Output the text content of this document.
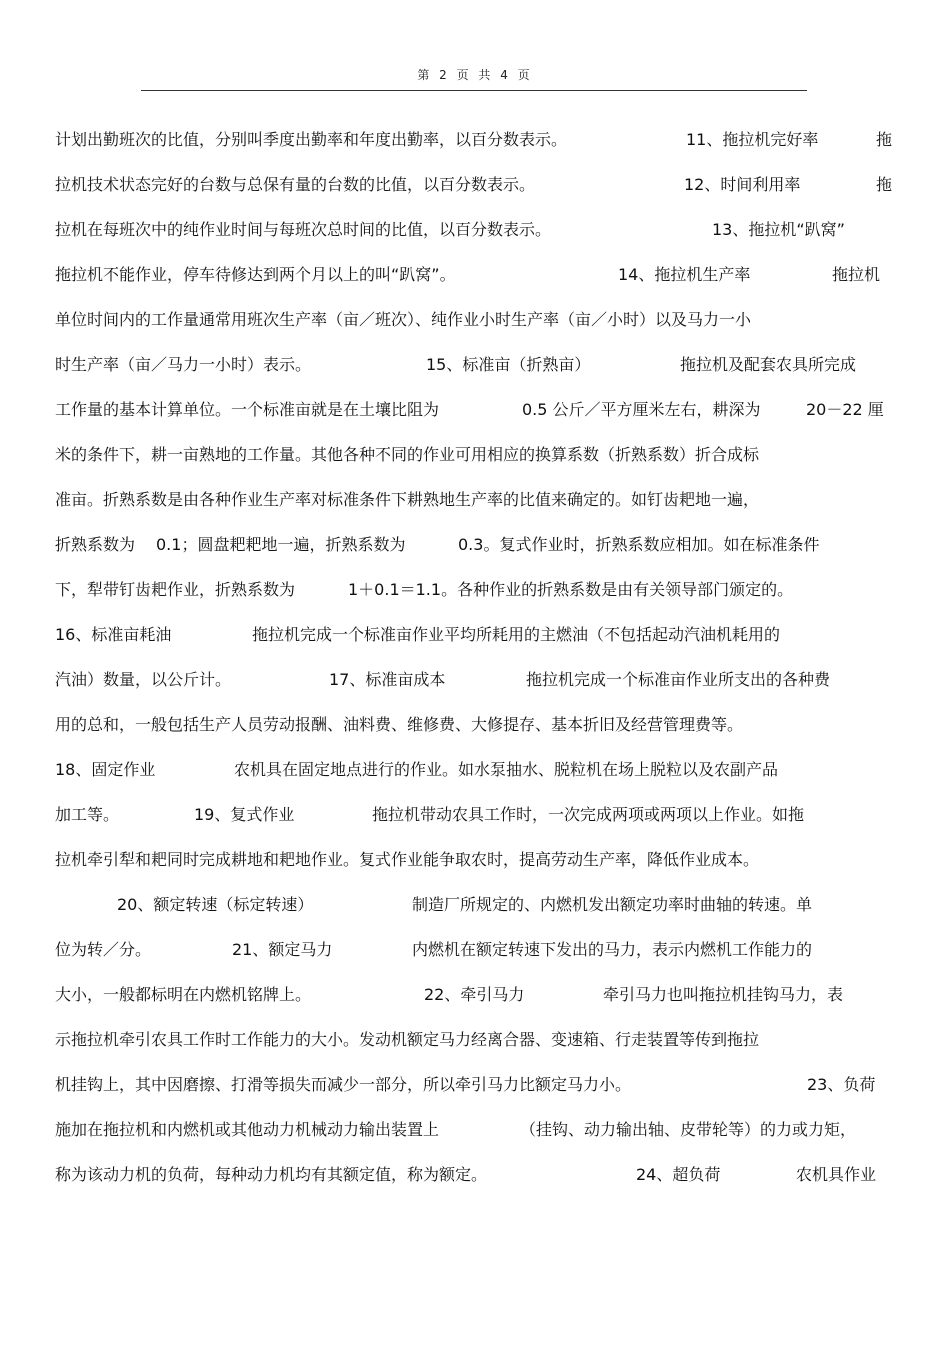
第 2 页 共 4 页

计划出勤班次的比值，分别叫季度出勤率和年度出勤率，以百分数表示。

	11、拖拉机完好率

	拖

拉机技术状态完好的台数与总保有量的台数的比值，以百分数表示。

	12、时间利用率

	拖

拉机在每班次中的纯作业时间与每班次总时间的比值，以百分数表示。

	13、拖拉机“趴窝”

拖拉机不能作业，停车待修达到两个月以上的叫“趴窝”。

	14、拖拉机生产率

	拖拉机

单位时间内的工作量通常用班次生产率（亩／班次）、纯作业小时生产率（亩／小时）以及马力一小

时生产率（亩／马力一小时）表示。

	15、标准亩（折熟亩）

	拖拉机及配套农具所完成

工作量的基本计算单位。一个标准亩就是在土壤比阻为

	0.5 公斤／平方厘米左右，耕深为

	20－22 厘

米的条件下，耕一亩熟地的工作量。其他各种不同的作业可用相应的换算系数（折熟系数）折合成标

准亩。折熟系数是由各种作业生产率对标准条件下耕熟地生产率的比值来确定的。如钉齿耙地一遍，

折熟系数为

0.1；圆盘耙耙地一遍，折熟系数为

	0.3。复式作业时，折熟系数应相加。如在标准条件

下，犁带钉齿耙作业，折熟系数为

	1＋0.1＝1.1。各种作业的折熟系数是由有关领导部门颁定的。

16、标准亩耗油

	拖拉机完成一个标准亩作业平均所耗用的主燃油（不包括起动汽油机耗用的

汽油）数量，以公斤计。

	17、标准亩成本

	拖拉机完成一个标准亩作业所支出的各种费

用的总和，一般包括生产人员劳动报酬、油料费、维修费、大修提存、基本折旧及经营管理费等。

18、固定作业

	农机具在固定地点进行的作业。如水泵抽水、脱粒机在场上脱粒以及农副产品

加工等。

	19、复式作业

	拖拉机带动农具工作时，一次完成两项或两项以上作业。如拖

拉机牵引犁和耙同时完成耕地和耙地作业。复式作业能争取农时，提高劳动生产率，降低作业成本。

20、额定转速（标定转速）

	制造厂所规定的、内燃机发出额定功率时曲轴的转速。单

位为转／分。

	21、额定马力

	内燃机在额定转速下发出的马力，表示内燃机工作能力的

大小，一般都标明在内燃机铭牌上。

	22、牵引马力

	牵引马力也叫拖拉机挂钩马力，表

示拖拉机牵引农具工作时工作能力的大小。发动机额定马力经离合器、变速箱、行走装置等传到拖拉

机挂钩上，其中因磨擦、打滑等损失而减少一部分，所以牵引马力比额定马力小。

	23、负荷

施加在拖拉机和内燃机或其他动力机械动力输出装置上

	（挂钩、动力输出轴、皮带轮等）的力或力矩，

称为该动力机的负荷，每种动力机均有其额定值，称为额定。

	24、超负荷

	农机具作业
